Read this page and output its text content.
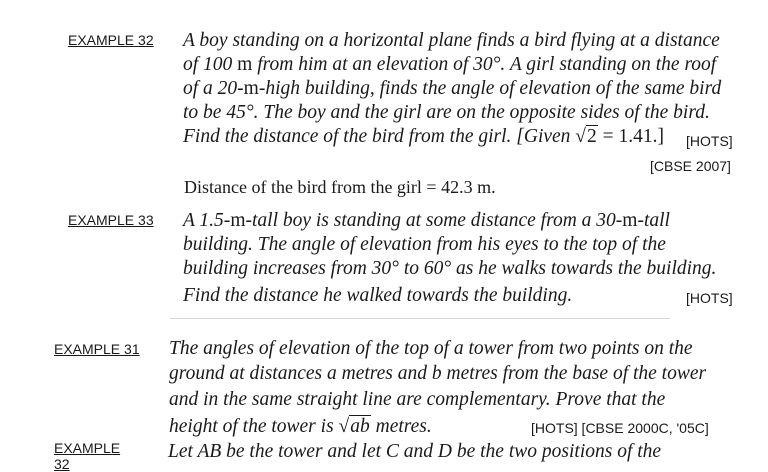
EXAMPLE 32 A boy standing on a horizontal plane finds a bird flying at a distance
of 100 m from him at an elevation of 30°. A girl standing on the roof
of a 20-m-high building, finds the angle of elevation of the same bird
to be 45°. The boy and the girl are on the opposite sides of the bird.
Find the distance of the bird from the girl. [Given √2 = 1.41.] [HOTS]
[CBSE 2007]
Distance of the bird from the girl = 42.3 m.
EXAMPLE 33 A 1.5-m-tall boy is standing at some distance from a 30-m-tall
building. The angle of elevation from his eyes to the top of the
building increases from 30° to 60° as he walks towards the building.
Find the distance he walked towards the building.	[HOTS]
EXAMPLE 31 The angles of elevation of the top of a tower from two points on the
ground at distances a metres and b metres from the base of the tower
and in the same straight line are complementary. Prove that the
height of the tower is √ab metres.	[HOTS] [CBSE 2000C, '05C]
EXAMPLE 32
Let AB be the tower and let C and D be the two positions of the
